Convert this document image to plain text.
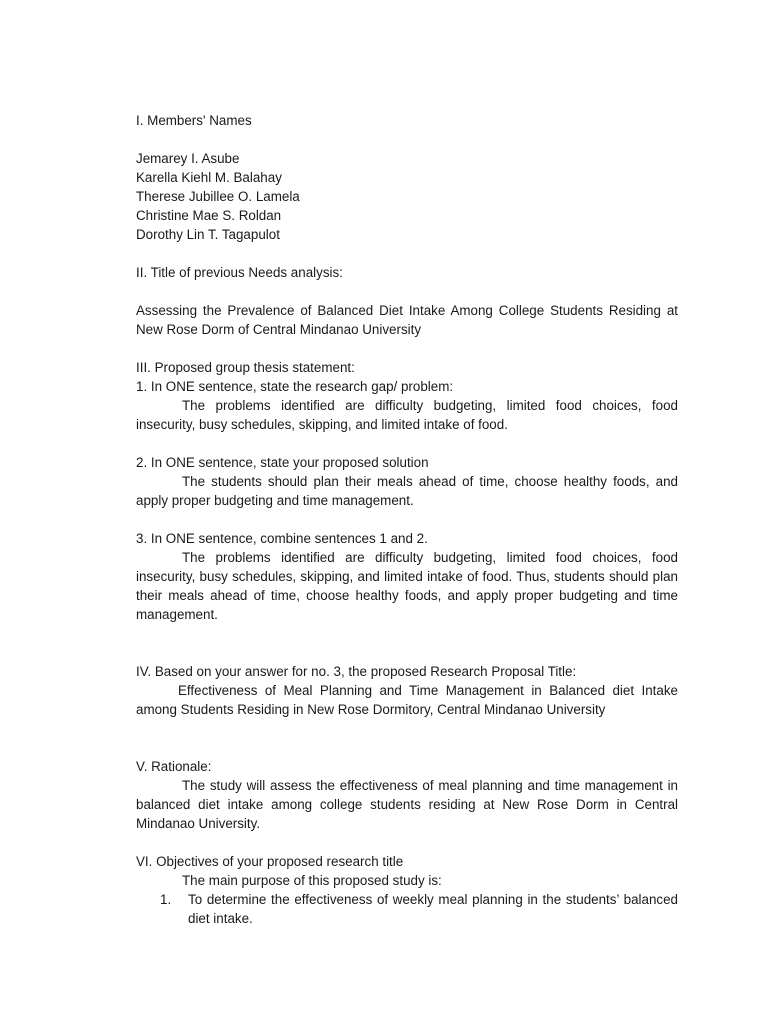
I. Members' Names

Jemarey I. Asube

Karella Kiehl M. Balahay

Therese Jubillee O. Lamela

Christine Mae S. Roldan

Dorothy Lin T. Tagapulot

II. Title of previous Needs analysis:

Assessing the Prevalence of Balanced Diet Intake Among College Students Residing at New Rose Dorm of Central Mindanao University

III. Proposed group thesis statement:

1. In ONE sentence, state the research gap/ problem:

The problems identified are difficulty budgeting, limited food choices, food insecurity, busy schedules, skipping, and limited intake of food.

2. In ONE sentence, state your proposed solution

The students should plan their meals ahead of time, choose healthy foods, and apply proper budgeting and time management.

3. In ONE sentence, combine sentences 1 and 2.

The problems identified are difficulty budgeting, limited food choices, food insecurity, busy schedules, skipping, and limited intake of food. Thus, students should plan their meals ahead of time, choose healthy foods, and apply proper budgeting and time management.

IV. Based on your answer for no. 3, the proposed Research Proposal Title:

Effectiveness of Meal Planning and Time Management in Balanced diet Intake among Students Residing in New Rose Dormitory, Central Mindanao University

V. Rationale:

The study will assess the effectiveness of meal planning and time management in balanced diet intake among college students residing at New Rose Dorm in Central Mindanao University.

VI. Objectives of your proposed research title

The main purpose of this proposed study is:

1.	To determine the effectiveness of weekly meal planning in the students’ balanced diet intake.
